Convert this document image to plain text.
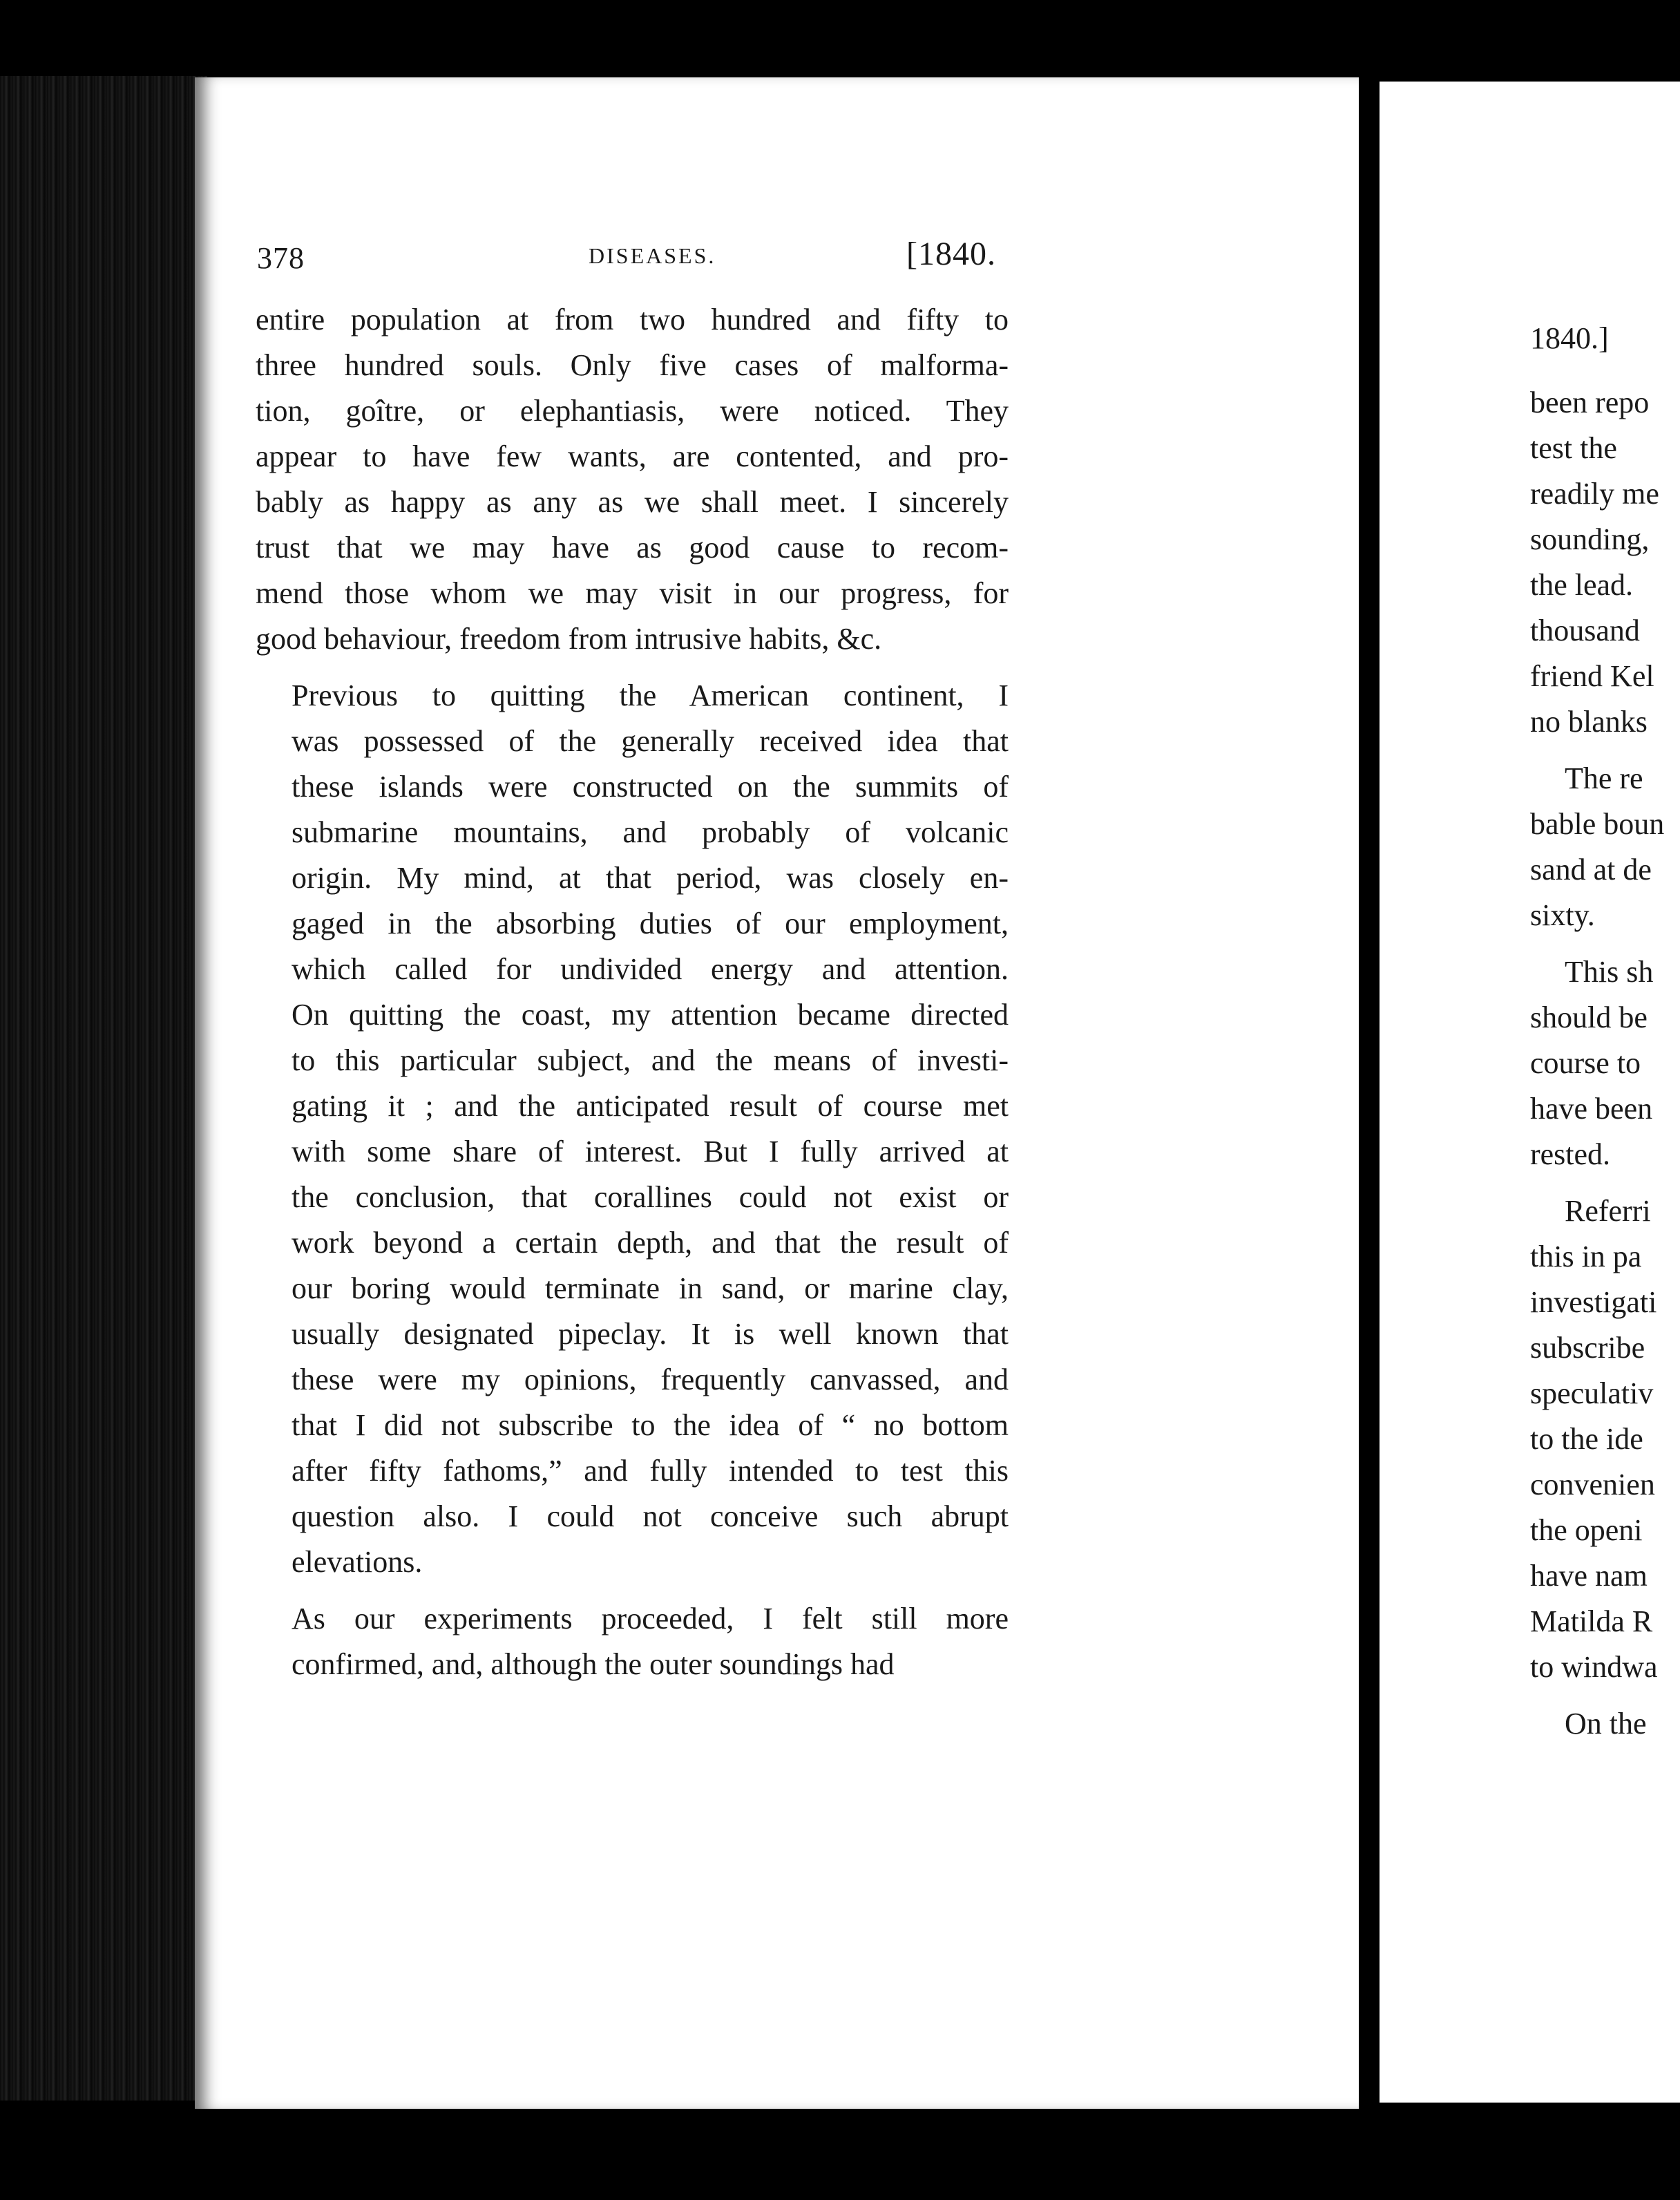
378	DISEASES.	[1840.
entire population at from two hundred and fifty to
three hundred souls. Only five cases of malforma-
tion, goître, or elephantiasis, were noticed. They
appear to have few wants, are contented, and pro-
bably as happy as any as we shall meet. I sincerely
trust that we may have as good cause to recom-
mend those whom we may visit in our progress, for
good behaviour, freedom from intrusive habits, &c.
Previous to quitting the American continent, I
was possessed of the generally received idea that
these islands were constructed on the summits of
submarine mountains, and probably of volcanic
origin. My mind, at that period, was closely en-
gaged in the absorbing duties of our employment,
which called for undivided energy and attention.
On quitting the coast, my attention became directed
to this particular subject, and the means of investi-
gating it ; and the anticipated result of course met
with some share of interest. But I fully arrived at
the conclusion, that corallines could not exist or
work beyond a certain depth, and that the result of
our boring would terminate in sand, or marine clay,
usually designated pipeclay. It is well known that
these were my opinions, frequently canvassed, and
that I did not subscribe to the idea of “ no bottom
after fifty fathoms,” and fully intended to test this
question also. I could not conceive such abrupt
elevations.
As our experiments proceeded, I felt still more
confirmed, and, although the outer soundings had
1840.]
been repo
test the
readily me
sounding,
the lead.
thousand
friend Kel
no blanks
The re
bable boun
sand at de
sixty.
This sh
should be
course to
have been
rested.
Referri
this in pa
investigati
subscribe
speculativ
to the ide
convenien
the openi
have nam
Matilda R
to windwa
On the
